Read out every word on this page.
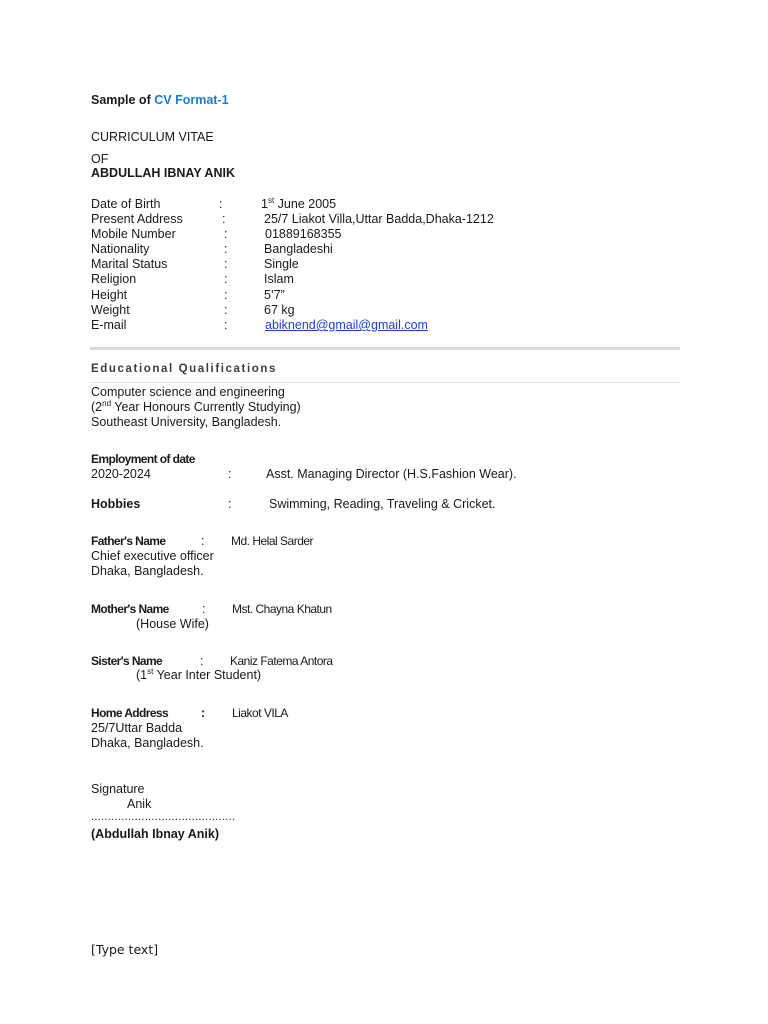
Sample of CV Format-1
CURRICULUM VITAE
OF
ABDULLAH IBNAY ANIK
Date of Birth	:	1st June 2005
Present Address	:	25/7 Liakot Villa,Uttar Badda,Dhaka-1212
Mobile Number	:	01889168355
Nationality	:	Bangladeshi
Marital Status	:	Single
Religion	:	Islam
Height	:	5’7”
Weight	:	67 kg
E-mail	:	abiknend@gmail@gmail.com
Educational Qualifications
Computer science and engineering
(2nd Year Honours Currently Studying)
Southeast University, Bangladesh.
Employment of date
2020-2024	:	Asst. Managing Director (H.S.Fashion Wear).
Hobbies	:	Swimming, Reading, Traveling & Cricket.
Father's Name	: Md. Helal Sarder
Chief executive officer
Dhaka, Bangladesh.
Mother's Name	: Mst. Chayna Khatun
(House Wife)
Sister's Name	: Kaniz Fatema Antora
(1st Year Inter Student)
Home Address	: Liakot VILA
25/7Uttar Badda
Dhaka, Bangladesh.
Signature
Anik
...........................................
(Abdullah Ibnay Anik)
[Type text]
